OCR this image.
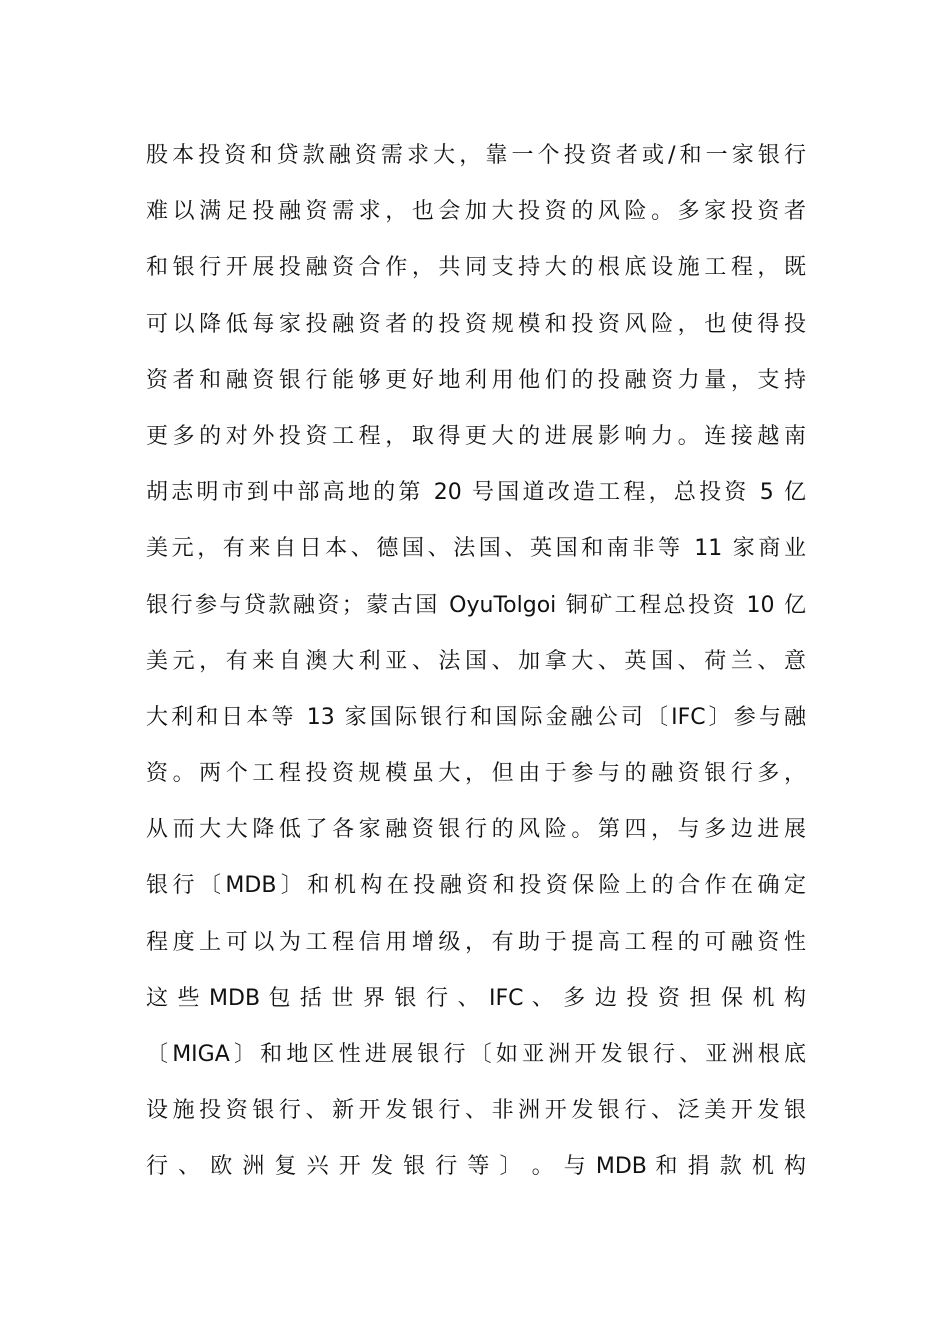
股本投资和贷款融资需求大，靠一个投资者或/和一家银行
难以满足投融资需求，也会加大投资的风险。多家投资者
和银行开展投融资合作，共同支持大的根底设施工程，既
可以降低每家投融资者的投资规模和投资风险，也使得投
资者和融资银行能够更好地利用他们的投融资力量，支持
更多的对外投资工程，取得更大的进展影响力。连接越南
胡志明市到中部高地的第 20 号国道改造工程，总投资 5 亿
美元，有来自日本、德国、法国、英国和南非等 11 家商业
银行参与贷款融资；蒙古国 OyuTolgoi 铜矿工程总投资 10 亿
美元，有来自澳大利亚、法国、加拿大、英国、荷兰、意
大利和日本等 13 家国际银行和国际金融公司〔IFC〕参与融
资。两个工程投资规模虽大，但由于参与的融资银行多，
从而大大降低了各家融资银行的风险。第四，与多边进展
银行〔MDB〕和机构在投融资和投资保险上的合作在确定
程度上可以为工程信用增级，有助于提高工程的可融资性
这 些 MDB 包 括 世 界 银 行 、 IFC 、 多 边 投 资 担 保 机 构
〔MIGA〕和地区性进展银行〔如亚洲开发银行、亚洲根底
设施投资银行、新开发银行、非洲开发银行、泛美开发银
行 、 欧 洲 复 兴 开 发 银 行 等 〕 。 与 MDB 和 捐 款 机 构
